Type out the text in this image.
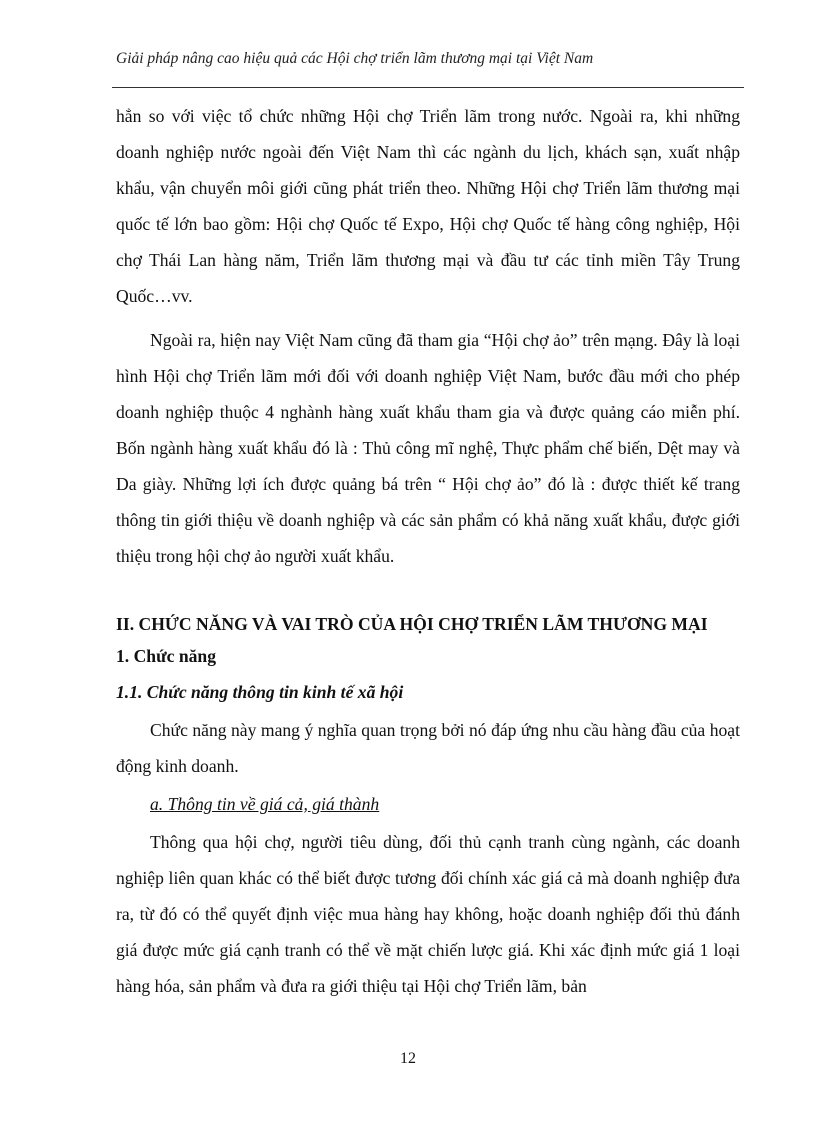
Giải pháp nâng cao hiệu quả các Hội chợ triển lãm thương mại tại Việt Nam

hẳn so với việc tổ chức những Hội chợ Triển lãm trong nước. Ngoài ra, khi những doanh nghiệp nước ngoài đến Việt Nam thì các ngành du lịch, khách sạn, xuất nhập khẩu, vận chuyển môi giới cũng phát triển theo. Những Hội chợ Triển lãm thương mại quốc tế lớn bao gồm: Hội chợ Quốc tế Expo, Hội chợ Quốc tế hàng công nghiệp, Hội chợ Thái Lan hàng năm, Triển lãm thương mại và đầu tư các tỉnh miền Tây Trung Quốc…vv.

Ngoài ra, hiện nay Việt Nam cũng đã tham gia “Hội chợ ảo” trên mạng. Đây là loại hình Hội chợ Triển lãm mới đối với doanh nghiệp Việt Nam, bước đầu mới cho phép doanh nghiệp thuộc 4 nghành hàng xuất khẩu tham gia và được quảng cáo miễn phí. Bốn ngành hàng xuất khẩu đó là : Thủ công mĩ nghệ, Thực phẩm chế biến, Dệt may và Da giày. Những lợi ích được quảng bá trên “ Hội chợ ảo” đó là : được thiết kế trang thông tin giới thiệu về doanh nghiệp và các sản phẩm có khả năng xuất khẩu, được giới thiệu trong hội chợ ảo người xuất khẩu.

II. CHỨC NĂNG VÀ VAI TRÒ CỦA HỘI CHỢ TRIỂN LÃM THƯƠNG MẠI

1. Chức năng

1.1. Chức năng thông tin kinh tế xã hội

Chức năng này mang ý nghĩa quan trọng bởi nó đáp ứng nhu cầu hàng đầu của hoạt động kinh doanh.

a. Thông tin về giá cả, giá thành

Thông qua hội chợ, người tiêu dùng, đối thủ cạnh tranh cùng ngành, các doanh nghiệp liên quan khác có thể biết được tương đối chính xác giá cả mà doanh nghiệp đưa ra, từ đó có thể quyết định việc mua hàng hay không, hoặc doanh nghiệp đối thủ đánh giá được mức giá cạnh tranh có thể về mặt chiến lược giá. Khi xác định mức giá 1 loại hàng hóa, sản phẩm và đưa ra giới thiệu tại Hội chợ Triển lãm, bản

12
